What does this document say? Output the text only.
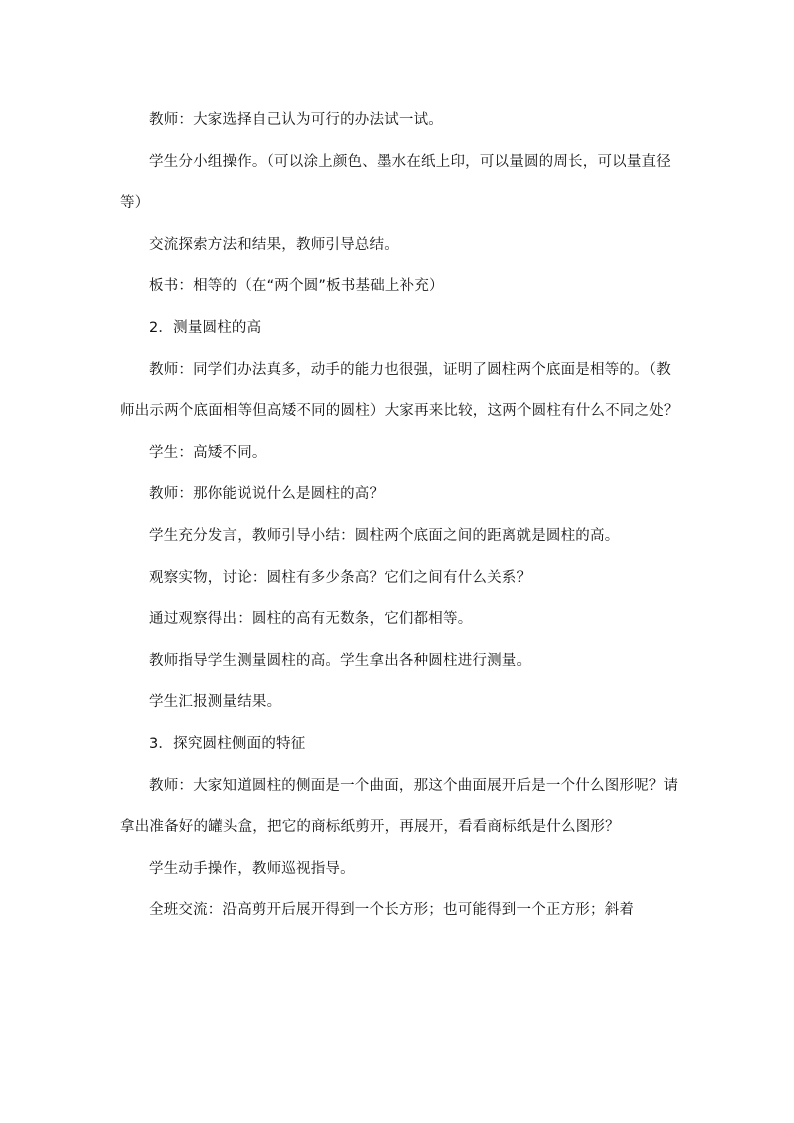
教师：大家选择自己认为可行的办法试一试。

学生分小组操作。（可以涂上颜色、墨水在纸上印，可以量圆的周长，可以量直径等）

交流探索方法和结果，教师引导总结。

板书：相等的（在“两个圆”板书基础上补充）

2．测量圆柱的高

教师：同学们办法真多，动手的能力也很强，证明了圆柱两个底面是相等的。（教师出示两个底面相等但高矮不同的圆柱）大家再来比较，这两个圆柱有什么不同之处？

学生：高矮不同。

教师：那你能说说什么是圆柱的高？

学生充分发言，教师引导小结：圆柱两个底面之间的距离就是圆柱的高。

观察实物，讨论：圆柱有多少条高？它们之间有什么关系？

通过观察得出：圆柱的高有无数条，它们都相等。

教师指导学生测量圆柱的高。学生拿出各种圆柱进行测量。

学生汇报测量结果。

3．探究圆柱侧面的特征

教师：大家知道圆柱的侧面是一个曲面，那这个曲面展开后是一个什么图形呢？请拿出准备好的罐头盒，把它的商标纸剪开，再展开，看看商标纸是什么图形？

学生动手操作，教师巡视指导。

全班交流：沿高剪开后展开得到一个长方形；也可能得到一个正方形；斜着
